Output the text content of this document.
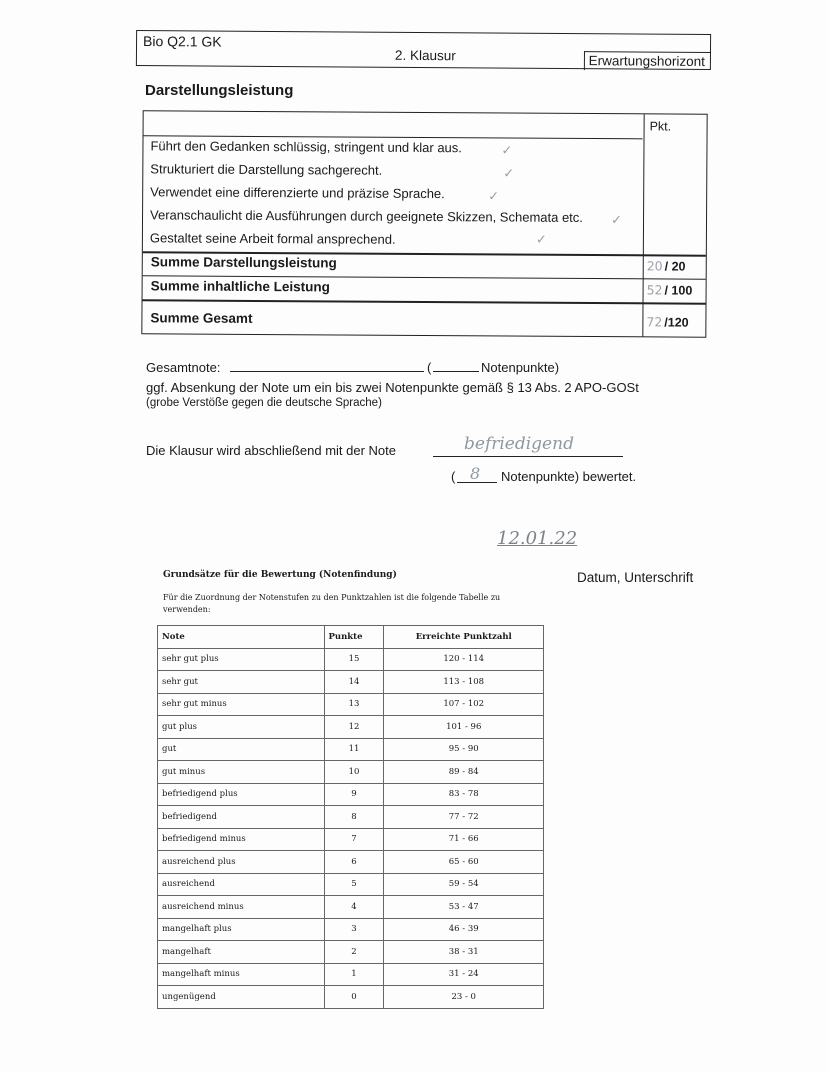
Bio Q2.1 GK
2. Klausur	Erwartungshorizont
Darstellungsleistung
Pkt.
Führt den Gedanken schlüssig, stringent und klar aus.	✓
Strukturiert die Darstellung sachgerecht.	✓
Verwendet eine differenzierte und präzise Sprache.	✓
Veranschaulicht die Ausführungen durch geeignete Skizzen, Schemata etc. ✓
Gestaltet seine Arbeit formal ansprechend.	✓
Summe Darstellungsleistung	20 / 20
Summe inhaltliche Leistung	52 / 100
Summe Gesamt	72 /120
Gesamtnote:	(	Notenpunkte)
ggf. Absenkung der Note um ein bis zwei Notenpunkte gemäß § 13 Abs. 2 APO-GOSt
(grobe Verstöße gegen die deutsche Sprache)
Die Klausur wird abschließend mit der Note	befriedigend
( 8 Notenpunkte) bewertet.
12.01.22
Datum, Unterschrift
Grundsätze für die Bewertung (Notenfindung)
Für die Zuordnung der Notenstufen zu den Punktzahlen ist die folgende Tabelle zu verwenden:
Note	Punkte	Erreichte Punktzahl
sehr gut plus	15	120 - 114
sehr gut	14	113 - 108
sehr gut minus	13	107 - 102
gut plus	12	101 - 96
gut	11	95 - 90
gut minus	10	89 - 84
befriedigend plus	9	83 - 78
befriedigend	8	77 - 72
befriedigend minus	7	71 - 66
ausreichend plus	6	65 - 60
ausreichend	5	59 - 54
ausreichend minus	4	53 - 47
mangelhaft plus	3	46 - 39
mangelhaft	2	38 - 31
mangelhaft minus	1	31 - 24
ungenügend	0	23 - 0
